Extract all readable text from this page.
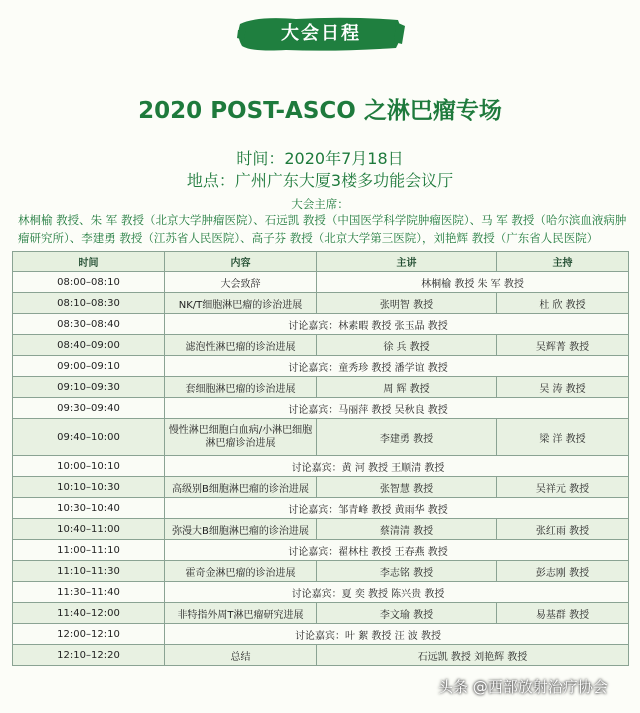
大会日程
2020 POST-ASCO 之淋巴瘤专场
时间：2020年7月18日
地点：广州广东大厦3楼多功能会议厅
大会主席：
林桐榆 教授、朱 军 教授（北京大学肿瘤医院）、石远凯 教授（中国医学科学院肿瘤医院）、马 军 教授（哈尔滨血液病肿瘤研究所）、李建勇 教授（江苏省人民医院）、高子芬 教授（北京大学第三医院），刘艳辉 教授（广东省人民医院）
时间	内容	主讲	主持
08:00–08:10	大会致辞	林桐榆 教授 朱 军 教授	
08:10–08:30	NK/T细胞淋巴瘤的诊治进展	张明智 教授	杜 欣 教授
08:30–08:40	讨论嘉宾：林素暇 教授 张玉晶 教授		
08:40–09:00	滤泡性淋巴瘤的诊治进展	徐 兵 教授	吴辉菁 教授
09:00–09:10	讨论嘉宾：童秀珍 教授 潘学谊 教授		
09:10–09:30	套细胞淋巴瘤的诊治进展	周 辉 教授	吴 涛 教授
09:30–09:40	讨论嘉宾：马丽萍 教授 吴秋良 教授		
09:40–10:00	慢性淋巴细胞白血病/小淋巴细胞淋巴瘤诊治进展	李建勇 教授	梁 洋 教授
10:00–10:10	讨论嘉宾：黄 河 教授 王顺清 教授		
10:10–10:30	高级别B细胞淋巴瘤的诊治进展	张智慧 教授	吴祥元 教授
10:30–10:40	讨论嘉宾：邹青峰 教授 黄雨华 教授		
10:40–11:00	弥漫大B细胞淋巴瘤的诊治进展	蔡清清 教授	张红雨 教授
11:00–11:10	讨论嘉宾：翟林柱 教授 王春燕 教授		
11:10–11:30	霍奇金淋巴瘤的诊治进展	李志铭 教授	彭志刚 教授
11:30–11:40	讨论嘉宾：夏 奕 教授 陈兴贵 教授		
11:40–12:00	非特指外周T淋巴瘤研究进展	李文瑜 教授	易基群 教授
12:00–12:10	讨论嘉宾：叶 絮 教授 汪 波 教授		
12:10–12:20	总结	石远凯 教授 刘艳辉 教授	
头条 @西部放射治疗协会
